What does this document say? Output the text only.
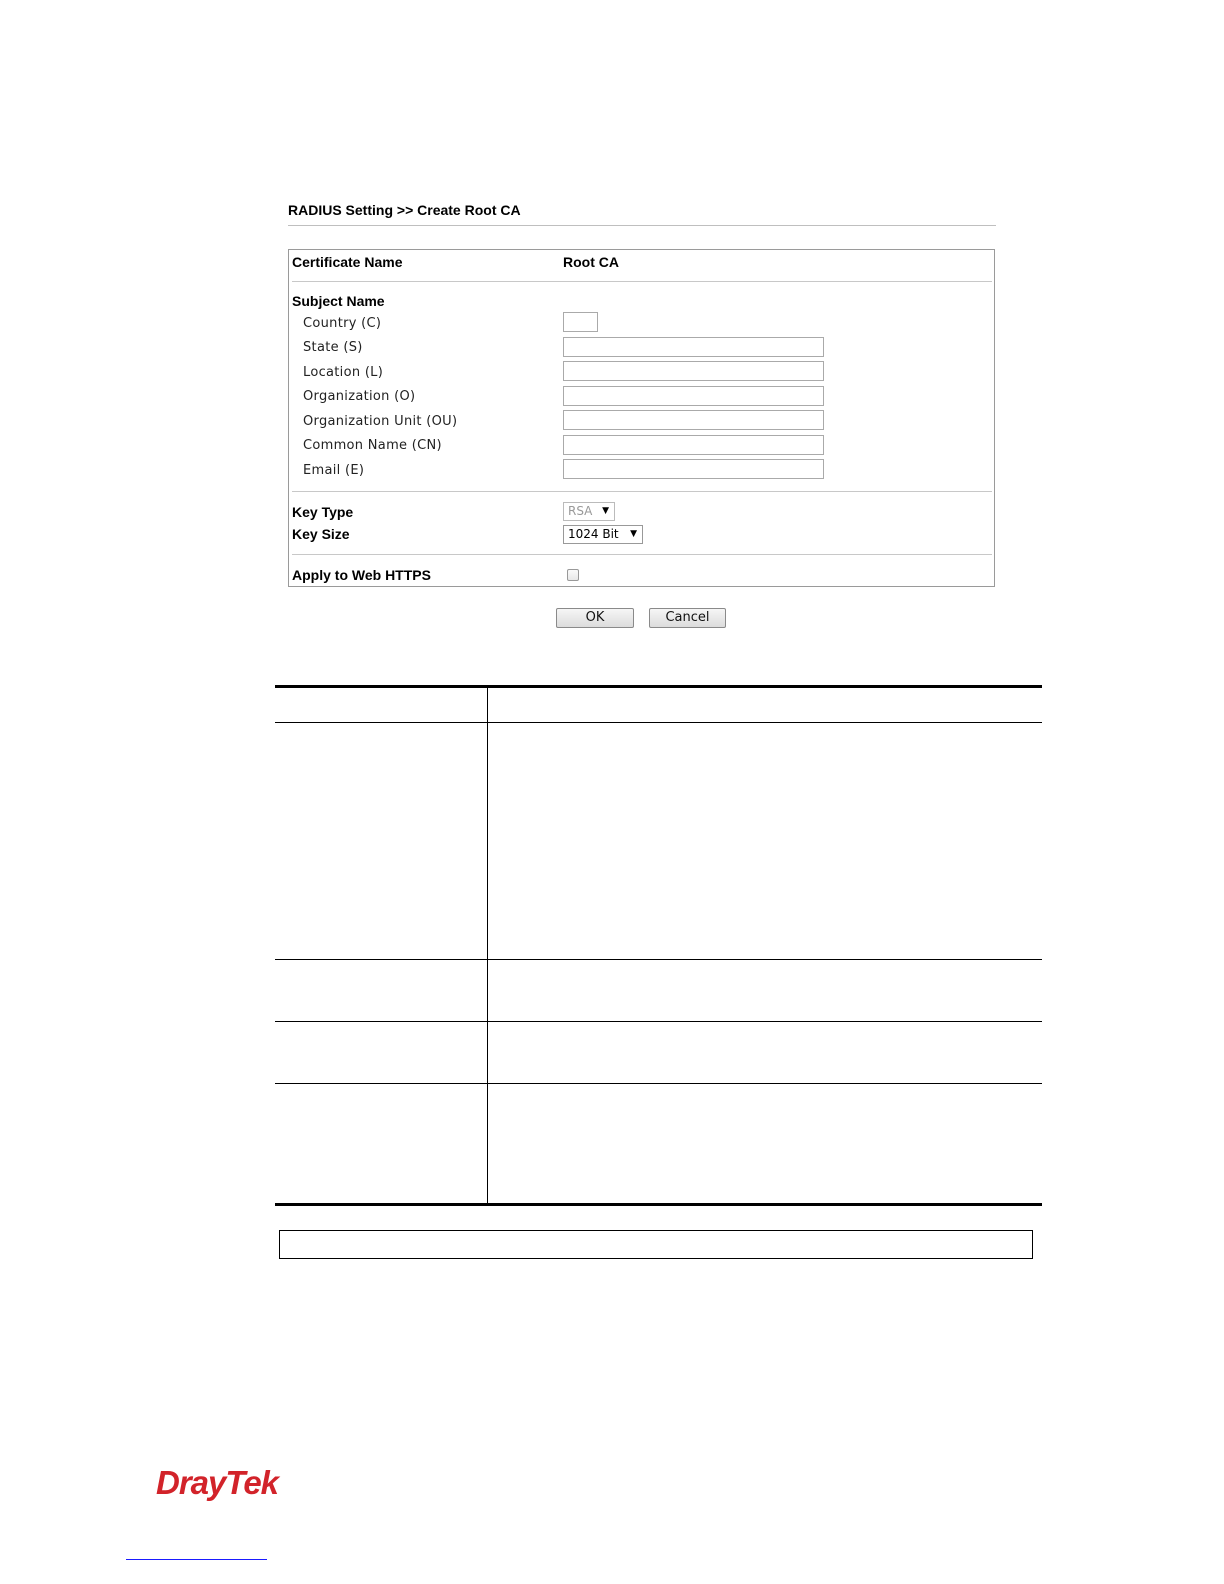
RADIUS Setting >> Create Root CA
Certificate Name	Root CA
Subject Name
Country (C)
State (S)
Location (L)
Organization (O)
Organization Unit (OU)
Common Name (CN)
Email (E)
Key Type	RSA ▼
Key Size	1024 Bit ▼
Apply to Web HTTPS
OK	Cancel
DrayTek
